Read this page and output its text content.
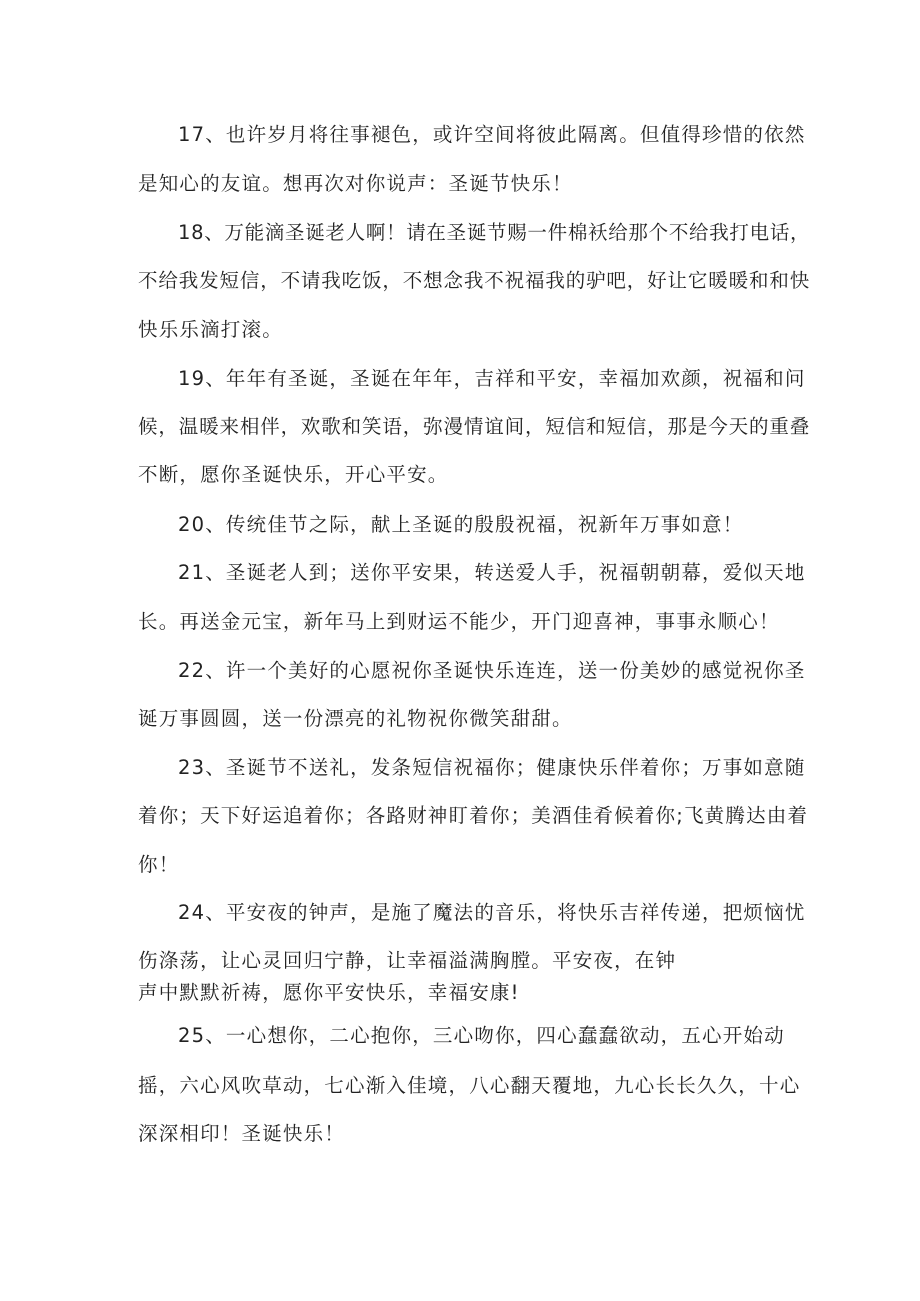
17、也许岁月将往事褪色，或许空间将彼此隔离。但值得珍惜的依然
是知心的友谊。想再次对你说声：圣诞节快乐！
18、万能滴圣诞老人啊！请在圣诞节赐一件棉袄给那个不给我打电话，
不给我发短信，不请我吃饭，不想念我不祝福我的驴吧，好让它暖暖和和快
快乐乐滴打滚。
19、年年有圣诞，圣诞在年年，吉祥和平安，幸福加欢颜，祝福和问
候，温暖来相伴，欢歌和笑语，弥漫情谊间，短信和短信，那是今天的重叠
不断，愿你圣诞快乐，开心平安。
20、传统佳节之际，献上圣诞的殷殷祝福，祝新年万事如意！
21、圣诞老人到；送你平安果，转送爱人手，祝福朝朝幕，爱似天地
长。再送金元宝，新年马上到财运不能少，开门迎喜神，事事永顺心！
22、许一个美好的心愿祝你圣诞快乐连连，送一份美妙的感觉祝你圣
诞万事圆圆，送一份漂亮的礼物祝你微笑甜甜。
23、圣诞节不送礼，发条短信祝福你；健康快乐伴着你；万事如意随
着你；天下好运追着你；各路财神盯着你；美酒佳肴候着你;飞黄腾达由着
你！
24、平安夜的钟声，是施了魔法的音乐，将快乐吉祥传递，把烦恼忧
伤涤荡，让心灵回归宁静，让幸福溢满胸膛。平安夜，在钟
声中默默祈祷，愿你平安快乐，幸福安康!
25、一心想你，二心抱你，三心吻你，四心蠢蠢欲动，五心开始动
摇，六心风吹草动，七心渐入佳境，八心翻天覆地，九心长长久久，十心
深深相印！圣诞快乐！
